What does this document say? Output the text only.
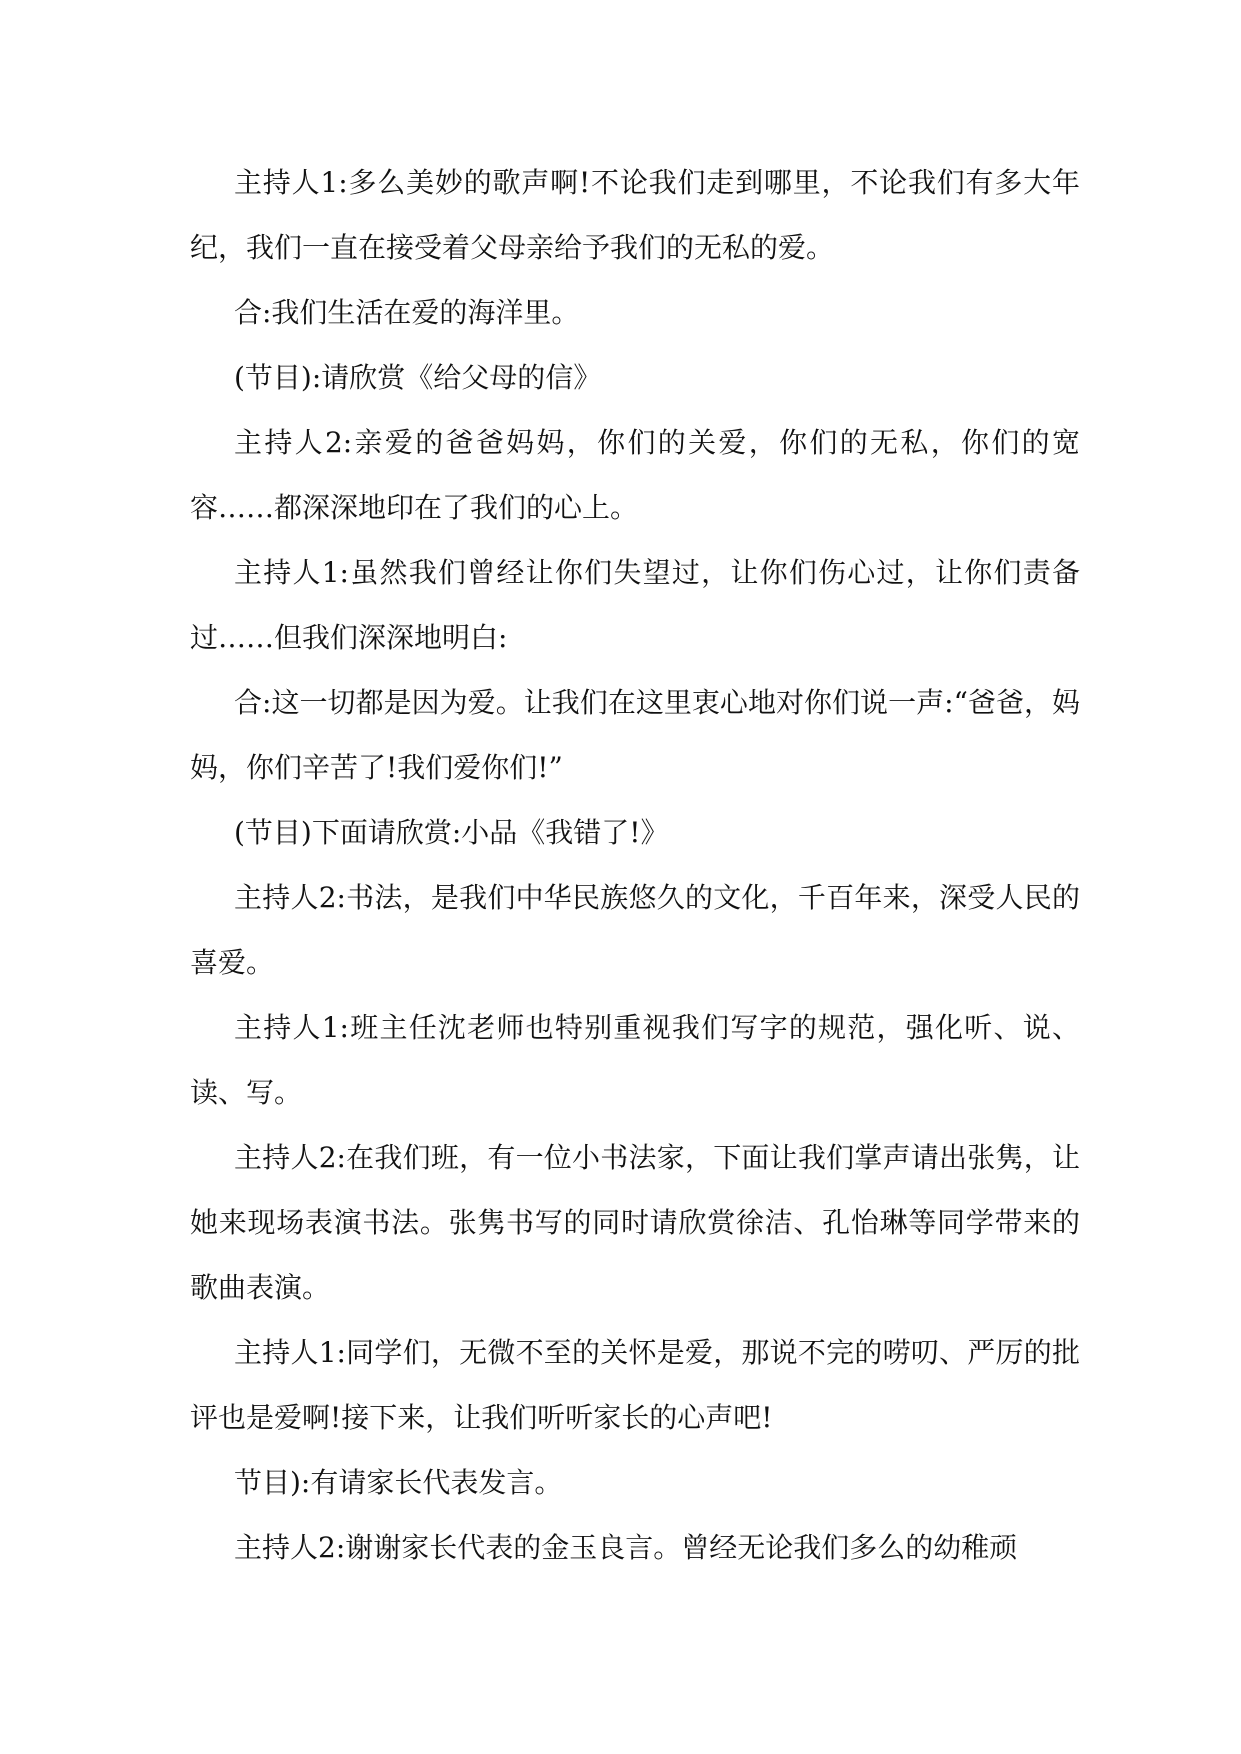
主持人1:多么美妙的歌声啊!不论我们走到哪里，不论我们有多大年纪，我们一直在接受着父母亲给予我们的无私的爱。

合:我们生活在爱的海洋里。

(节目):请欣赏《给父母的信》

主持人2:亲爱的爸爸妈妈，你们的关爱，你们的无私，你们的宽容……都深深地印在了我们的心上。

主持人1:虽然我们曾经让你们失望过，让你们伤心过，让你们责备过……但我们深深地明白:

合:这一切都是因为爱。让我们在这里衷心地对你们说一声:“爸爸，妈妈，你们辛苦了!我们爱你们!”

(节目)下面请欣赏:小品《我错了!》

主持人2:书法，是我们中华民族悠久的文化，千百年来，深受人民的喜爱。

主持人1:班主任沈老师也特别重视我们写字的规范，强化听、说、读、写。

主持人2:在我们班，有一位小书法家，下面让我们掌声请出张隽，让她来现场表演书法。张隽书写的同时请欣赏徐洁、孔怡琳等同学带来的歌曲表演。

主持人1:同学们，无微不至的关怀是爱，那说不完的唠叨、严厉的批评也是爱啊!接下来，让我们听听家长的心声吧!

节目):有请家长代表发言。

主持人2:谢谢家长代表的金玉良言。曾经无论我们多么的幼稚顽
